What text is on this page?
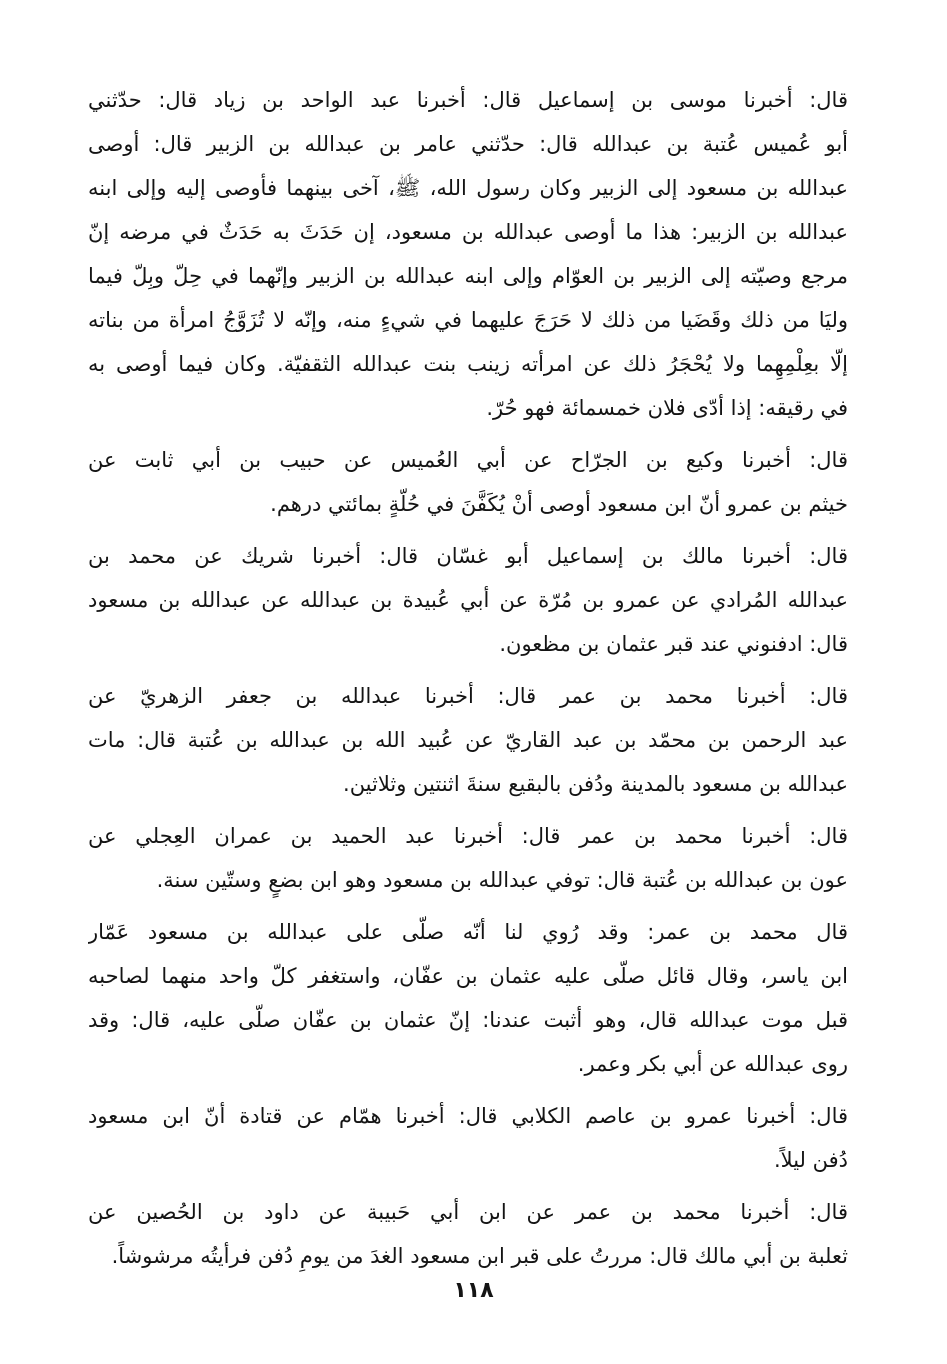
قال: أخبرنا موسى بن إسماعيل قال: أخبرنا عبد الواحد بن زياد قال: حدّثني
أبو عُميس عُتبة بن عبدالله قال: حدّثني عامر بن عبدالله بن الزبير قال: أوصى
عبدالله بن مسعود إلى الزبير وكان رسول الله، ﷺ، آخى بينهما فأوصى إليه وإلى ابنه
عبدالله بن الزبير: هذا ما أوصى عبدالله بن مسعود، إن حَدَثَ به حَدَثٌ في مرضه إنّ
مرجع وصيّته إلى الزبير بن العوّام وإلى ابنه عبدالله بن الزبير وإنّهما في حِلّ وبِلّ فيما
وليَا من ذلك وقَضَيا من ذلك لا حَرَجَ عليهما في شيءٍ منه، وإنّه لا تُزَوَّجُ امرأة من بناته
إلّا بعِلْمِهِما ولا يُحْجَرُ ذلك عن امرأته زينب بنت عبدالله الثقفيّة. وكان فيما أوصى به
في رقيقه: إذا أدّى فلان خمسمائة فهو حُرّ.
قال: أخبرنا وكيع بن الجرّاح عن أبي العُميس عن حبيب بن أبي ثابت عن
خيثم بن عمرو أنّ ابن مسعود أوصى أنْ يُكَفَّنَ في حُلّةٍ بمائتي درهم.
قال: أخبرنا مالك بن إسماعيل أبو غسّان قال: أخبرنا شريك عن محمد بن
عبدالله المُرادي عن عمرو بن مُرّة عن أبي عُبيدة بن عبدالله عن عبدالله بن مسعود
قال: ادفنوني عند قبر عثمان بن مظعون.
قال: أخبرنا محمد بن عمر قال: أخبرنا عبدالله بن جعفر الزهريّ عن
عبد الرحمن بن محمّد بن عبد القاريّ عن عُبيد الله بن عبدالله بن عُتبة قال: مات
عبدالله بن مسعود بالمدينة ودُفن بالبقيع سنةَ اثنتين وثلاثين.
قال: أخبرنا محمد بن عمر قال: أخبرنا عبد الحميد بن عمران العِجلي عن
عون بن عبدالله بن عُتبة قال: توفي عبدالله بن مسعود وهو ابن بضعٍ وستّين سنة.
قال محمد بن عمر: وقد رُوي لنا أنّه صلّى على عبدالله بن مسعود عَمّار
ابن ياسر، وقال قائل صلّى عليه عثمان بن عفّان، واستغفر كلّ واحد منهما لصاحبه
قبل موت عبدالله قال، وهو أثبت عندنا: إنّ عثمان بن عفّان صلّى عليه، قال: وقد
روى عبدالله عن أبي بكر وعمر.
قال: أخبرنا عمرو بن عاصم الكلابي قال: أخبرنا همّام عن قتادة أنّ ابن مسعود
دُفن ليلاً.
قال: أخبرنا محمد بن عمر عن ابن أبي حَبيبة عن داود بن الحُصين عن
ثعلبة بن أبي مالك قال: مررتُ على قبر ابن مسعود الغدَ من يومِ دُفن فرأيتُه مرشوشاً.
١١٨
